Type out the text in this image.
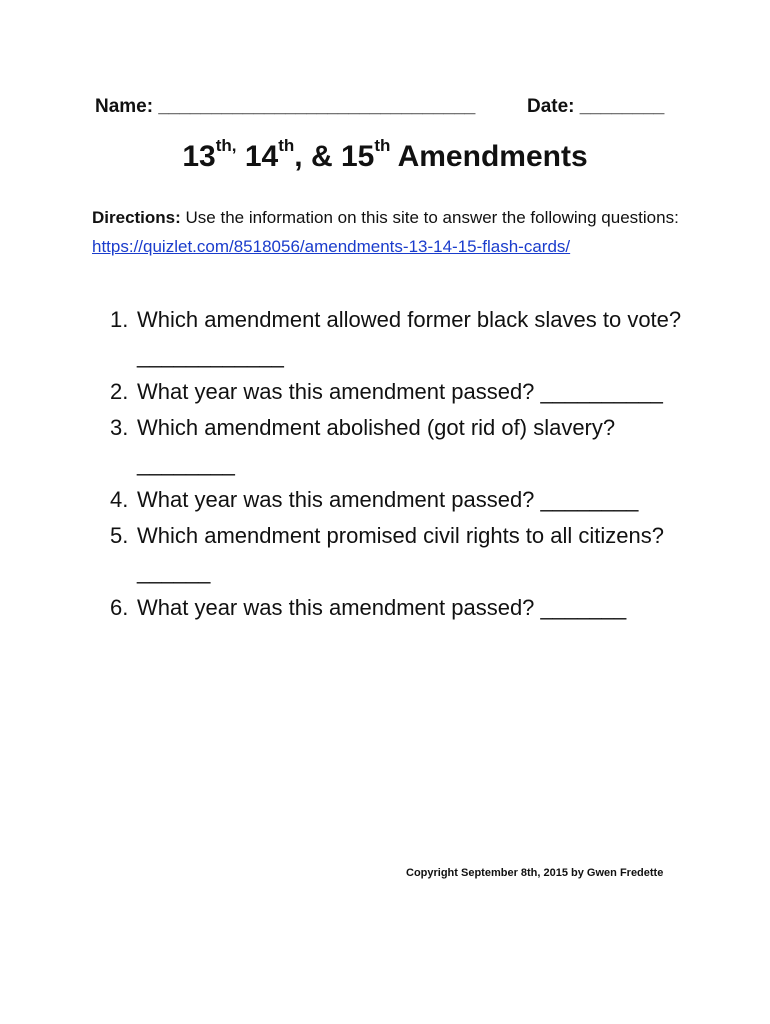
Name: ______________________________	Date: ________
$13^{th,}$ 14th, & 15th Amendments
Directions: Use the information on this site to answer the following questions: https://quizlet.com/8518056/amendments-13-14-15-flash-cards/
1. Which amendment allowed former black slaves to vote?____________
2. What year was this amendment passed? __________
3. Which amendment abolished (got rid of) slavery? ________
4. What year was this amendment passed? ________
5. Which amendment promised civil rights to all citizens? ______
6. What year was this amendment passed? _______
Copyright September 8th, 2015 by Gwen Fredette
